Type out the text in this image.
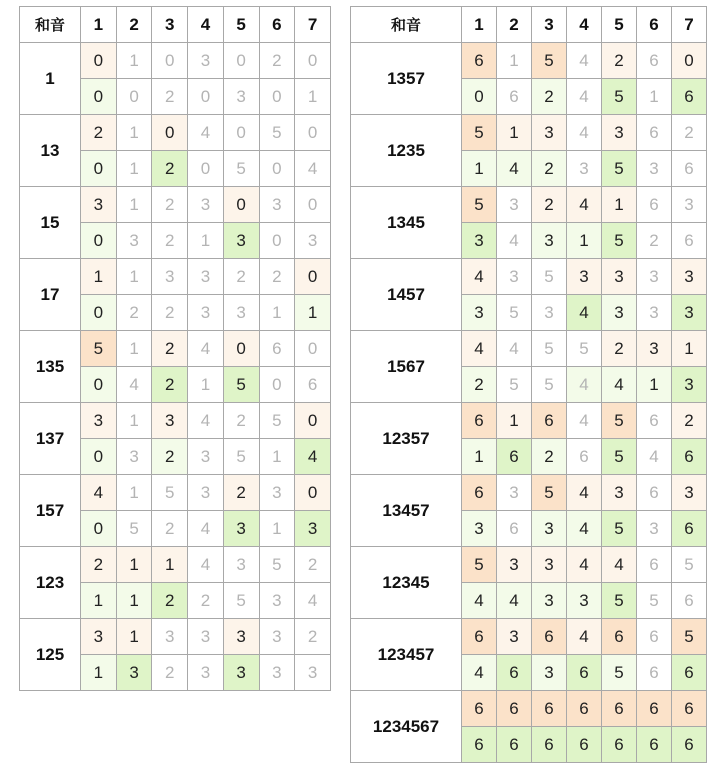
和音	1	2	3	4	5	6	7
1	0	1	0	3	0	2	0
	0	0	2	0	3	0	1
13	2	1	0	4	0	5	0
	0	1	2	0	5	0	4
15	3	1	2	3	0	3	0
	0	3	2	1	3	0	3
17	1	1	3	3	2	2	0
	0	2	2	3	3	1	1
135	5	1	2	4	0	6	0
	0	4	2	1	5	0	6
137	3	1	3	4	2	5	0
	0	3	2	3	5	1	4
157	4	1	5	3	2	3	0
	0	5	2	4	3	1	3
123	2	1	1	4	3	5	2
	1	1	2	2	5	3	4
125	3	1	3	3	3	3	2
	1	3	2	3	3	3	3
和音	1	2	3	4	5	6	7
1357	6	1	5	4	2	6	0
	0	6	2	4	5	1	6
1235	5	1	3	4	3	6	2
	1	4	2	3	5	3	6
1345	5	3	2	4	1	6	3
	3	4	3	1	5	2	6
1457	4	3	5	3	3	3	3
	3	5	3	4	3	3	3
1567	4	4	5	5	2	3	1
	2	5	5	4	4	1	3
12357	6	1	6	4	5	6	2
	1	6	2	6	5	4	6
13457	6	3	5	4	3	6	3
	3	6	3	4	5	3	6
12345	5	3	3	4	4	6	5
	4	4	3	3	5	5	6
123457	6	3	6	4	6	6	5
	4	6	3	6	5	6	6
1234567	6	6	6	6	6	6	6
	6	6	6	6	6	6	6
